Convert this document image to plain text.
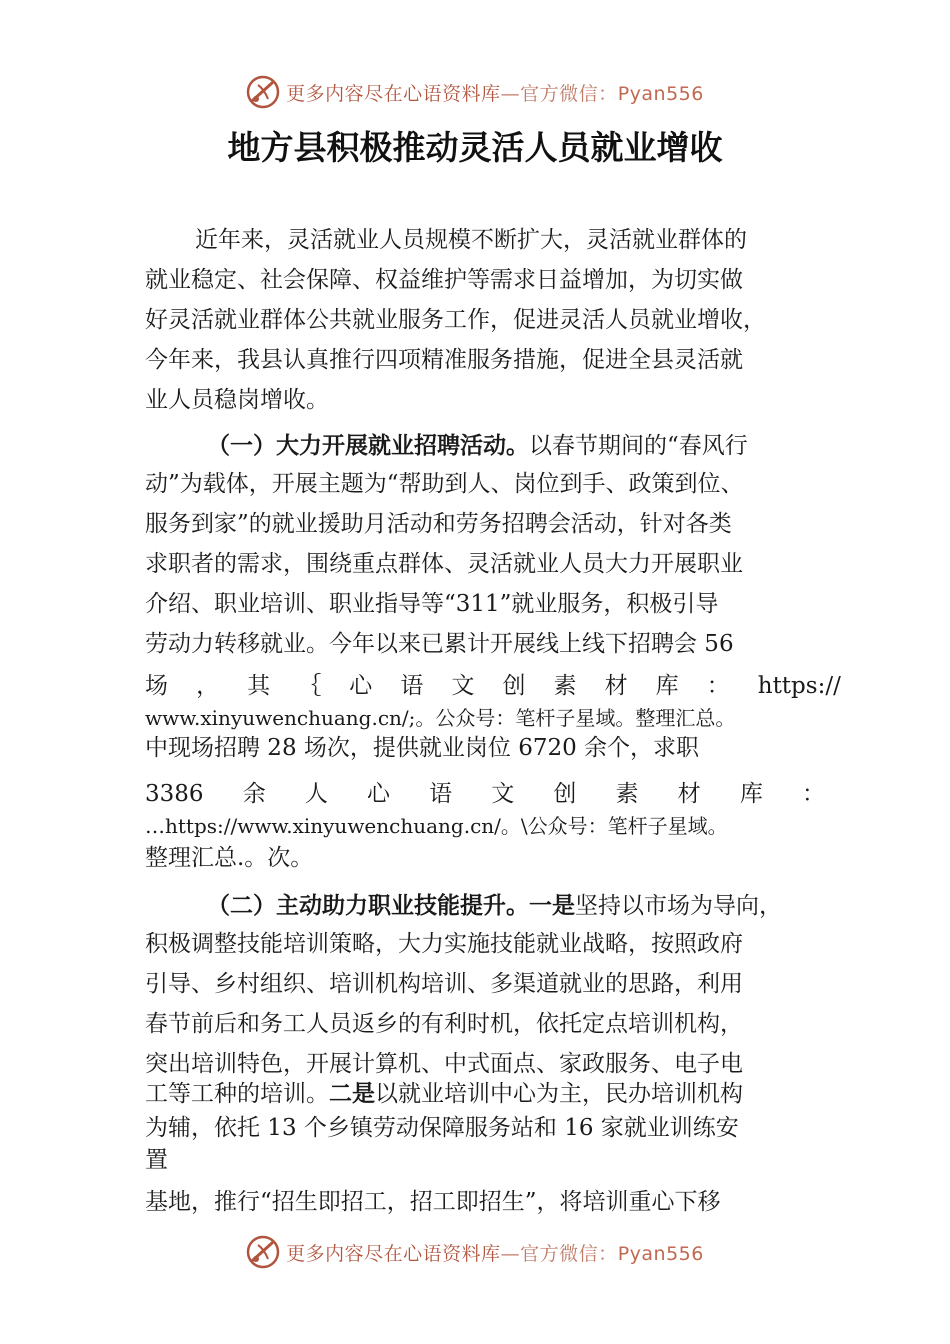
更多内容尽在心语资料库—官方微信：Pyan556
地方县积极推动灵活人员就业增收

近年来，灵活就业人员规模不断扩大，灵活就业群体的

就业稳定、社会保障、权益维护等需求日益增加，为切实做

好灵活就业群体公共就业服务工作，促进灵活人员就业增收，

今年来，我县认真推行四项精准服务措施，促进全县灵活就

业人员稳岗增收。

（一）大力开展就业招聘活动。以春节期间的“春风行

动”为载体，开展主题为“帮助到人、岗位到手、政策到位、

服务到家”的就业援助月活动和劳务招聘会活动，针对各类

求职者的需求，围绕重点群体、灵活就业人员大力开展职业

介绍、职业培训、职业指导等“311”就业服务，积极引导

劳动力转移就业。今年以来已累计开展线上线下招聘会 56

场 ， 其 ｛ 心 语 文 创 素 材 库 ： https://

www.xinyuwenchuang.cn/;。公众号：笔杆子星域。整理汇总。

中现场招聘 28 场次，提供就业岗位 6720 余个，求职

3386 余 人 心 语 文 创 素 材 库 ：

…https://www.xinyuwenchuang.cn/。\公众号：笔杆子星域。

整理汇总.。次。

（二）主动助力职业技能提升。一是坚持以市场为导向，

积极调整技能培训策略，大力实施技能就业战略，按照政府

引导、乡村组织、培训机构培训、多渠道就业的思路，利用

春节前后和务工人员返乡的有利时机，依托定点培训机构，

突出培训特色，开展计算机、中式面点、家政服务、电子电

工等工种的培训。二是以就业培训中心为主，民办培训机构

为辅，依托 13 个乡镇劳动保障服务站和 16 家就业训练安

置

基地，推行“招生即招工，招工即招生”，将培训重心下移

更多内容尽在心语资料库—官方微信：Pyan556
